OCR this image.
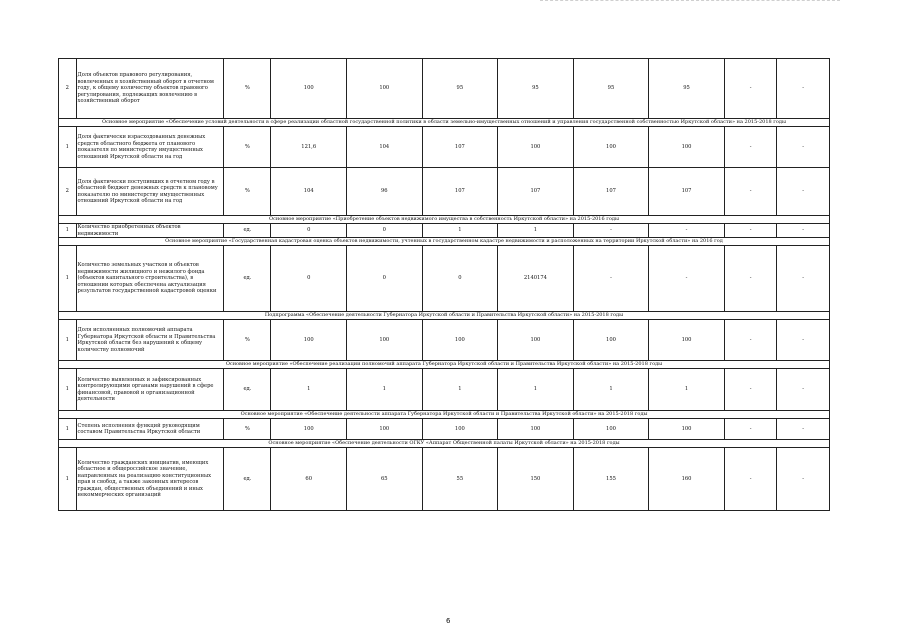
2	Доля объектов правового регулирования, вовлеченных в хозяйственный оборот в отчетном году, к общему количеству объектов правового регулирования, подлежащих вовлечению в хозяйственный оборот	%	100	100	95	95	95	95	-	-
Основное мероприятие «Обеспечение условий деятельности в сфере реализации областной государственной политики в области земельно-имущественных отношений и управления государственной собственностью Иркутской области» на 2015-2018 годы										
1	Доля фактически израсходованных денежных средств областного бюджета от планового показателя по министерству имущественных отношений Иркутской области на год	%	121,6	104	107	100	100	100	-	-
2	Доля фактически поступивших в отчетном году в областной бюджет денежных средств к плановому показателю по министерству имущественных отношений Иркутской области на год	%	104	96	107	107	107	107	-	-
Основное мероприятие «Приобретение объектов недвижимого имущества в собственность Иркутской области» на 2015-2016 годы										
1	Количество приобретенных объектов недвижимости	ед.	0	0	1	1	-	-	-	-
Основное мероприятие «Государственная кадастровая оценка объектов недвижимости, учтенных в государственном кадастре недвижимости и расположенных на территории Иркутской области» на 2016 год										
1	Количество земельных участков и объектов недвижимости жилищного и нежилого фонда (объектов капитального строительства), в отношении которых обеспечена актуализация результатов государственной кадастровой оценки	ед.	0	0	0	2140174	-	-	-	-
Подпрограмма «Обеспечение деятельности Губернатора Иркутской области и Правительства Иркутской области» на 2015-2018 годы										
1	Доля исполненных полномочий аппарата Губернатора Иркутской области и Правительства Иркутской области без нарушений к общему количеству полномочий	%	100	100	100	100	100	100	-	-
Основное мероприятие «Обеспечение реализации полномочий аппарата Губернатора Иркутской области и Правительства Иркутской области» на 2015-2018 годы										
1	Количество выявленных и зафиксированных контролирующими органами нарушений в сфере финансовой, правовой и организационной деятельности	ед.	1	1	1	1	1	1	-	-
Основное мероприятие «Обеспечение деятельности аппарата Губернатора Иркутской области и Правительства Иркутской области» на 2015-2018 годы										
1	Степень исполнения функций руководящим составом Правительства Иркутской области	%	100	100	100	100	100	100	-	-
Основное мероприятие «Обеспечение деятельности ОГКУ «Аппарат Общественной палаты Иркутской области» на 2015-2018 годы										
1	Количество гражданских инициатив, имеющих областное и общероссийское значение, направленных на реализацию конституционных прав и свобод, а также законных интересов граждан, общественных объединений и иных некоммерческих организаций	ед.	60	65	55	150	155	160	-	-
6
